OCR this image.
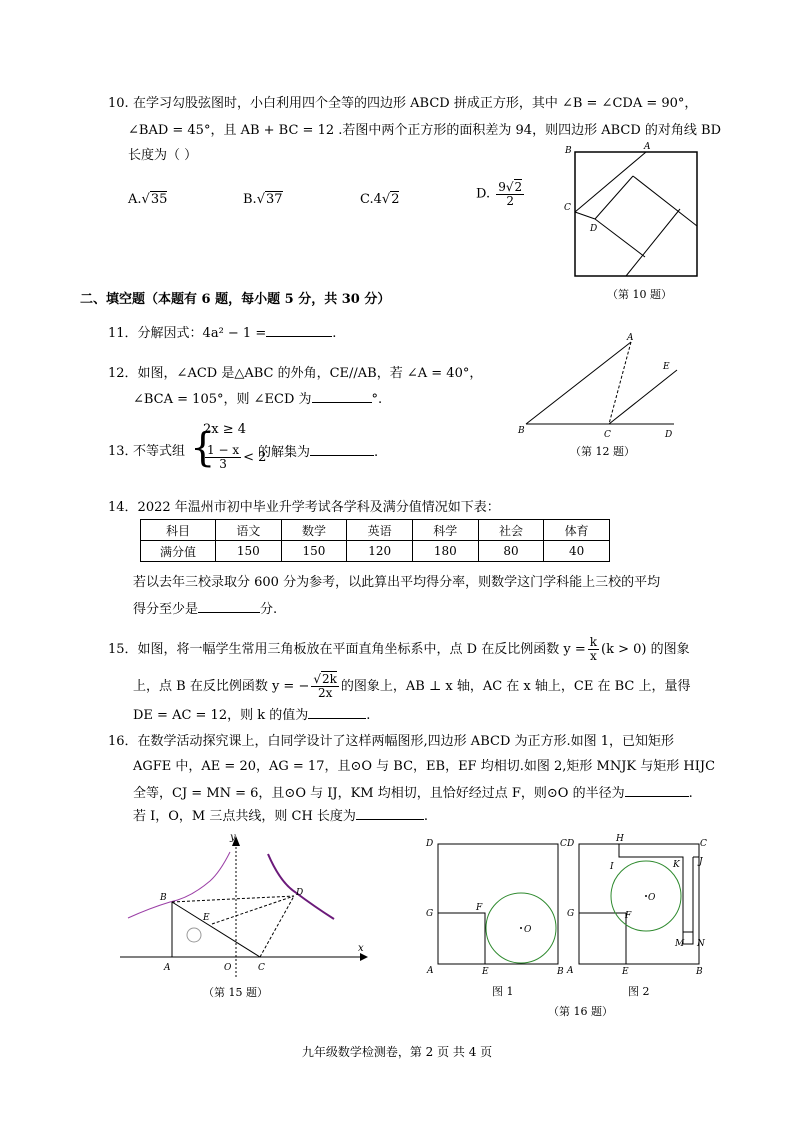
10. 在学习勾股弦图时，小白利用四个全等的四边形 ABCD 拼成正方形，其中 ∠B = ∠CDA = 90°，
∠BAD = 45°，且 AB + BC = 12 .若图中两个正方形的面积差为 94，则四边形 ABCD 的对角线 BD
长度为（ ）
A.√35	B.√37	C.4√2	D. $\frac{9√2}{2}$
B	A
C
D
（第 10 题）
二、填空题（本题有 6 题，每小题 5 分，共 30 分）
11．分解因式：4a² − 1 =	.
12．如图，∠ACD 是△ABC 的外角，CE//AB，若 ∠A = 40°，
∠BCA = 105°，则 ∠ECD 为	°.
A
E
B	C	D
（第 12 题）
13．
不等式组 {
2x ≥ 4
$\frac{1 - x}{3} < 2$
的解集为	.
14．2022 年温州市初中毕业升学考试各学科及满分值情况如下表：
科目	语文	数学	英语	科学	社会	体育
满分值	150	150	120	180	80	40
若以去年三校录取分 600 分为参考，以此算出平均得分率，则数学这门学科能上三校的平均
得分至少是	分.
15．如图，将一幅学生常用三角板放在平面直角坐标系中，点 D 在反比例函数 $y = \frac{k}{x} (k > 0)$ 的图象
上，点 B 在反比例函数 y = − $\frac{√2k}{2x}$ 的图象上，AB ⊥ x 轴，AC 在 x 轴上，CE 在 BC 上，量得
DE = AC = 12，则 k 的值为	.
16．在数学活动探究课上，白同学设计了这样两幅图形,四边形 ABCD 为正方形.如图 1，已知矩形
AGFE 中，AE = 20，AG = 17，且⊙O 与 BC，EB，EF 均相切.如图 2,矩形 MNJK 与矩形 HIJC
全等，CJ = MN = 6，且⊙O 与 IJ，KM 均相切，且恰好经过点 F，则⊙O 的半径为	.
若 I，O，M 三点共线，则 CH 长度为	.
y
x
B	D
E
A	O	C
（第 15 题）
D	C
G
F
O
A	E	B
图 1
D	H	C
I	K J
G	F
O
M N
A	E	B
图 2
（第 16 题）
九年级数学检测卷，第 2 页 共 4 页
